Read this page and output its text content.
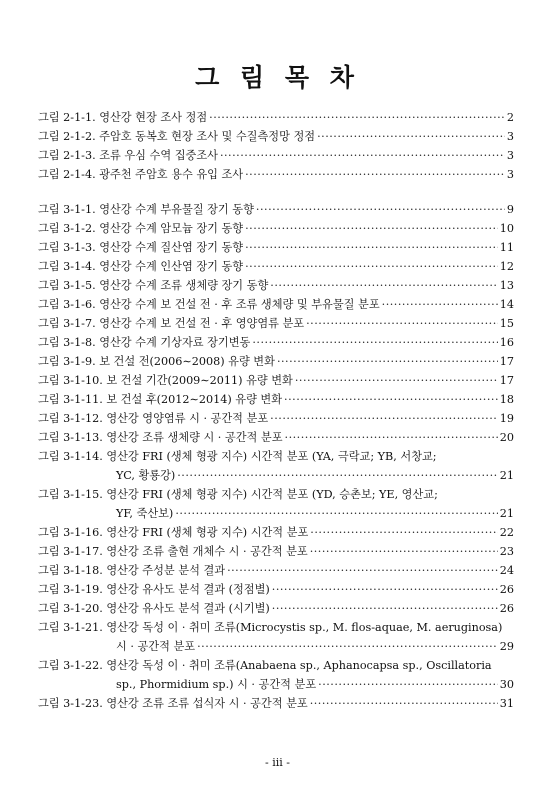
그 림 목 차
그림 2-1-1. 영산강 현장 조사 정점 ·····	2
그림 2-1-2. 주암호 동복호 현장 조사 및 수질측정망 정점 ·····	3
그림 2-1-3. 조류 우심 수역 집중조사 ·····	3
그림 2-1-4. 광주천 주암호 용수 유입 조사 ·····	3
그림 3-1-1. 영산강 수계 부유물질 장기 동향 ·····	9
그림 3-1-2. 영산강 수계 암모늄 장기 동향 ·····	10
그림 3-1-3. 영산강 수계 질산염 장기 동향 ·····	11
그림 3-1-4. 영산강 수계 인산염 장기 동향 ·····	12
그림 3-1-5. 영산강 수계 조류 생체량 장기 동향 ·····	13
그림 3-1-6. 영산강 수계 보 건설 전 · 후 조류 생체량 및 부유물질 분포 ·····	14
그림 3-1-7. 영산강 수계 보 건설 전 · 후 영양염류 분포 ·····	15
그림 3-1-8. 영산강 수계 기상자료 장기변동 ·····	16
그림 3-1-9. 보 건설 전(2006∼2008) 유량 변화 ·····	17
그림 3-1-10. 보 건설 기간(2009∼2011) 유량 변화 ·····	17
그림 3-1-11. 보 건설 후(2012∼2014) 유량 변화 ·····	18
그림 3-1-12. 영산강 영양염류 시 · 공간적 분포 ·····	19
그림 3-1-13. 영산강 조류 생체량 시 · 공간적 분포 ·····	20
그림 3-1-14. 영산강 FRI (생체 형광 지수) 시간적 분포 (YA, 극락교; YB, 서창교;
YC, 황룡강) ·····	21
그림 3-1-15. 영산강 FRI (생체 형광 지수) 시간적 분포 (YD, 승촌보; YE, 영산교;
YF, 죽산보) ·····	21
그림 3-1-16. 영산강 FRI (생체 형광 지수) 시간적 분포 ·····	22
그림 3-1-17. 영산강 조류 출현 개체수 시 · 공간적 분포 ·····	23
그림 3-1-18. 영산강 주성분 분석 결과 ·····	24
그림 3-1-19. 영산강 유사도 분석 결과 (정점별) ·····	26
그림 3-1-20. 영산강 유사도 분석 결과 (시기별) ·····	26
그림 3-1-21. 영산강 독성 이 · 취미 조류(Microcystis sp., M. flos-aquae, M. aeruginosa)
시 · 공간적 분포 ·····	29
그림 3-1-22. 영산강 독성 이 · 취미 조류(Anabaena sp., Aphanocapsa sp., Oscillatoria
sp., Phormidium sp.) 시 · 공간적 분포 ·····	30
그림 3-1-23. 영산강 조류 조류 섭식자 시 · 공간적 분포 ·····	31
- iii -
